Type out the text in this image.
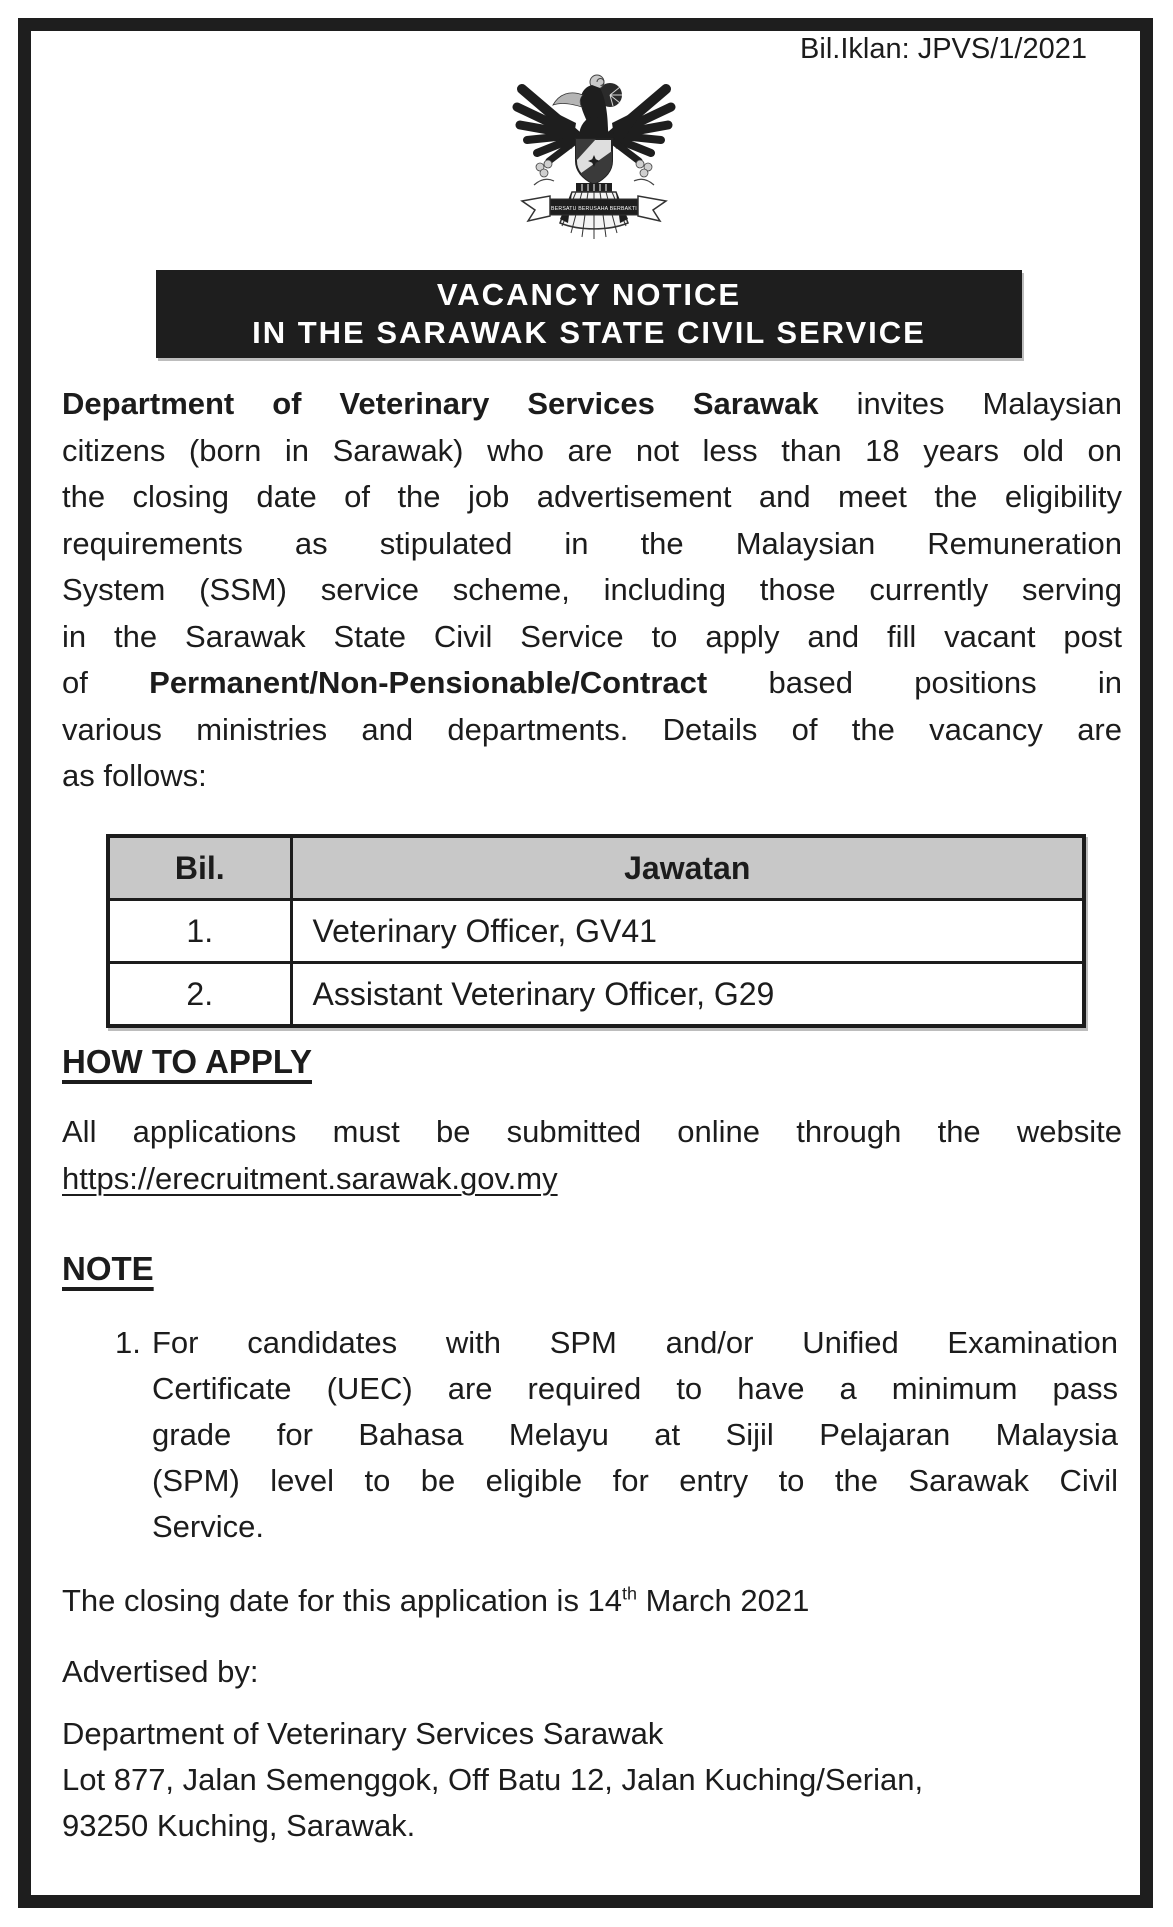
Bil.Iklan: JPVS/1/2021
BERSATU BERUSAHA BERBAKTI
VACANCY NOTICE
IN THE SARAWAK STATE CIVIL SERVICE
Department of Veterinary Services Sarawak invites Malaysian
citizens (born in Sarawak) who are not less than 18 years old on
the closing date of the job advertisement and meet the eligibility
requirements as stipulated in the Malaysian Remuneration
System (SSM) service scheme, including those currently serving
in the Sarawak State Civil Service to apply and fill vacant post
of Permanent/Non-Pensionable/Contract based positions in
various ministries and departments. Details of the vacancy are
as follows:
Bil.	Jawatan
1.	Veterinary Officer, GV41
2.	Assistant Veterinary Officer, G29
HOW TO APPLY
All applications must be submitted online through the website
https://erecruitment.sarawak.gov.my
NOTE
1. For candidates with SPM and/or Unified Examination
Certificate (UEC) are required to have a minimum pass
grade for Bahasa Melayu at Sijil Pelajaran Malaysia
(SPM) level to be eligible for entry to the Sarawak Civil
Service.
The closing date for this application is 14th March 2021
Advertised by:
Department of Veterinary Services Sarawak
Lot 877, Jalan Semenggok, Off Batu 12, Jalan Kuching/Serian,
93250 Kuching, Sarawak.
